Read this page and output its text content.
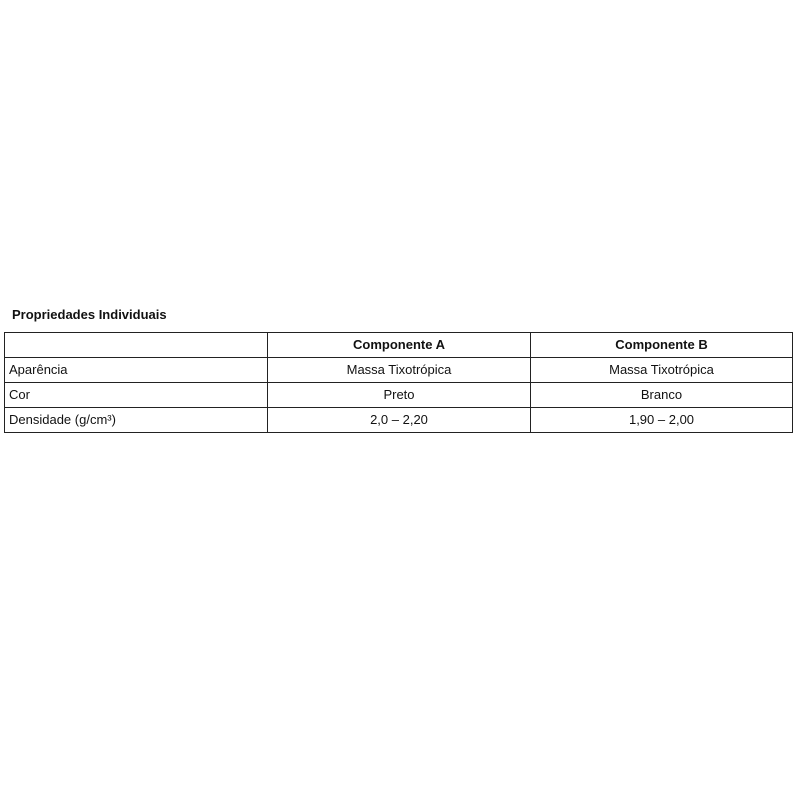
Propriedades Individuais
	Componente A	Componente B
Aparência	Massa Tixotrópica	Massa Tixotrópica
Cor	Preto	Branco
Densidade (g/cm³)	2,0 – 2,20	1,90 – 2,00
